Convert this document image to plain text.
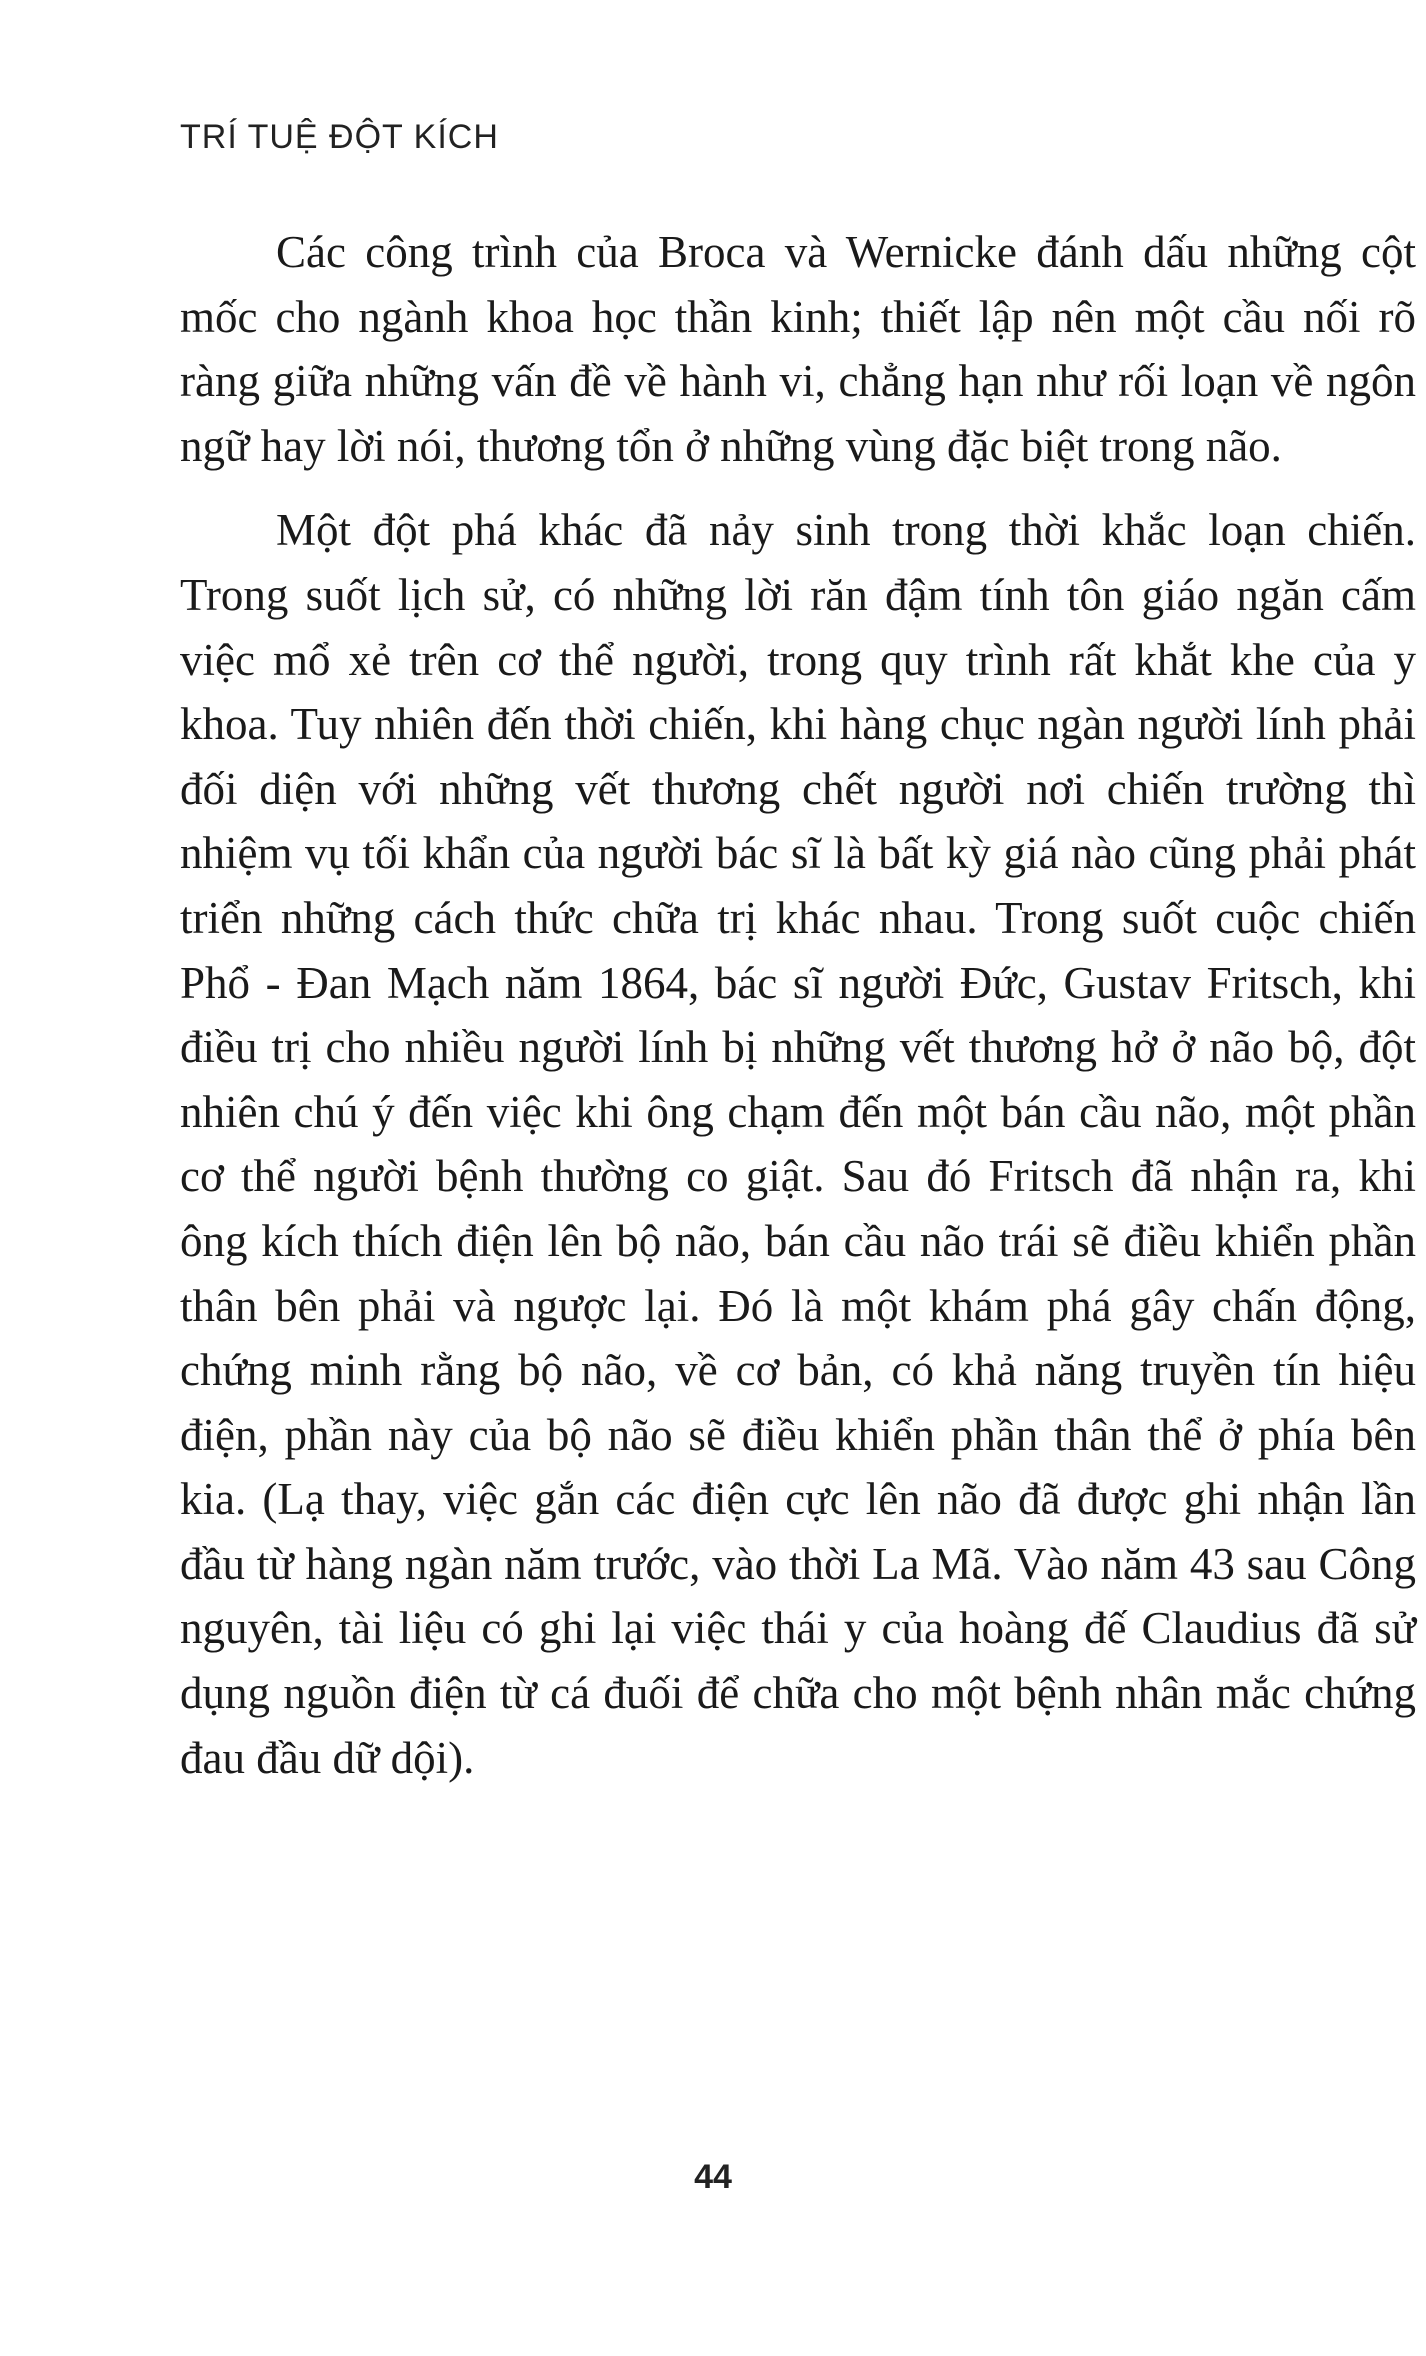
TRÍ TUỆ ĐỘT KÍCH

Các công trình của Broca và Wernicke đánh dấu những cột mốc cho ngành khoa học thần kinh; thiết lập nên một cầu nối rõ ràng giữa những vấn đề về hành vi, chẳng hạn như rối loạn về ngôn ngữ hay lời nói, thương tổn ở những vùng đặc biệt trong não.

Một đột phá khác đã nảy sinh trong thời khắc loạn chiến. Trong suốt lịch sử, có những lời răn đậm tính tôn giáo ngăn cấm việc mổ xẻ trên cơ thể người, trong quy trình rất khắt khe của y khoa. Tuy nhiên đến thời chiến, khi hàng chục ngàn người lính phải đối diện với những vết thương chết người nơi chiến trường thì nhiệm vụ tối khẩn của người bác sĩ là bất kỳ giá nào cũng phải phát triển những cách thức chữa trị khác nhau. Trong suốt cuộc chiến Phổ - Đan Mạch năm 1864, bác sĩ người Đức, Gustav Fritsch, khi điều trị cho nhiều người lính bị những vết thương hở ở não bộ, đột nhiên chú ý đến việc khi ông chạm đến một bán cầu não, một phần cơ thể người bệnh thường co giật. Sau đó Fritsch đã nhận ra, khi ông kích thích điện lên bộ não, bán cầu não trái sẽ điều khiển phần thân bên phải và ngược lại. Đó là một khám phá gây chấn động, chứng minh rằng bộ não, về cơ bản, có khả năng truyền tín hiệu điện, phần này của bộ não sẽ điều khiển phần thân thể ở phía bên kia. (Lạ thay, việc gắn các điện cực lên não đã được ghi nhận lần đầu từ hàng ngàn năm trước, vào thời La Mã. Vào năm 43 sau Công nguyên, tài liệu có ghi lại việc thái y của hoàng đế Claudius đã sử dụng nguồn điện từ cá đuối để chữa cho một bệnh nhân mắc chứng đau đầu dữ dội).

44
